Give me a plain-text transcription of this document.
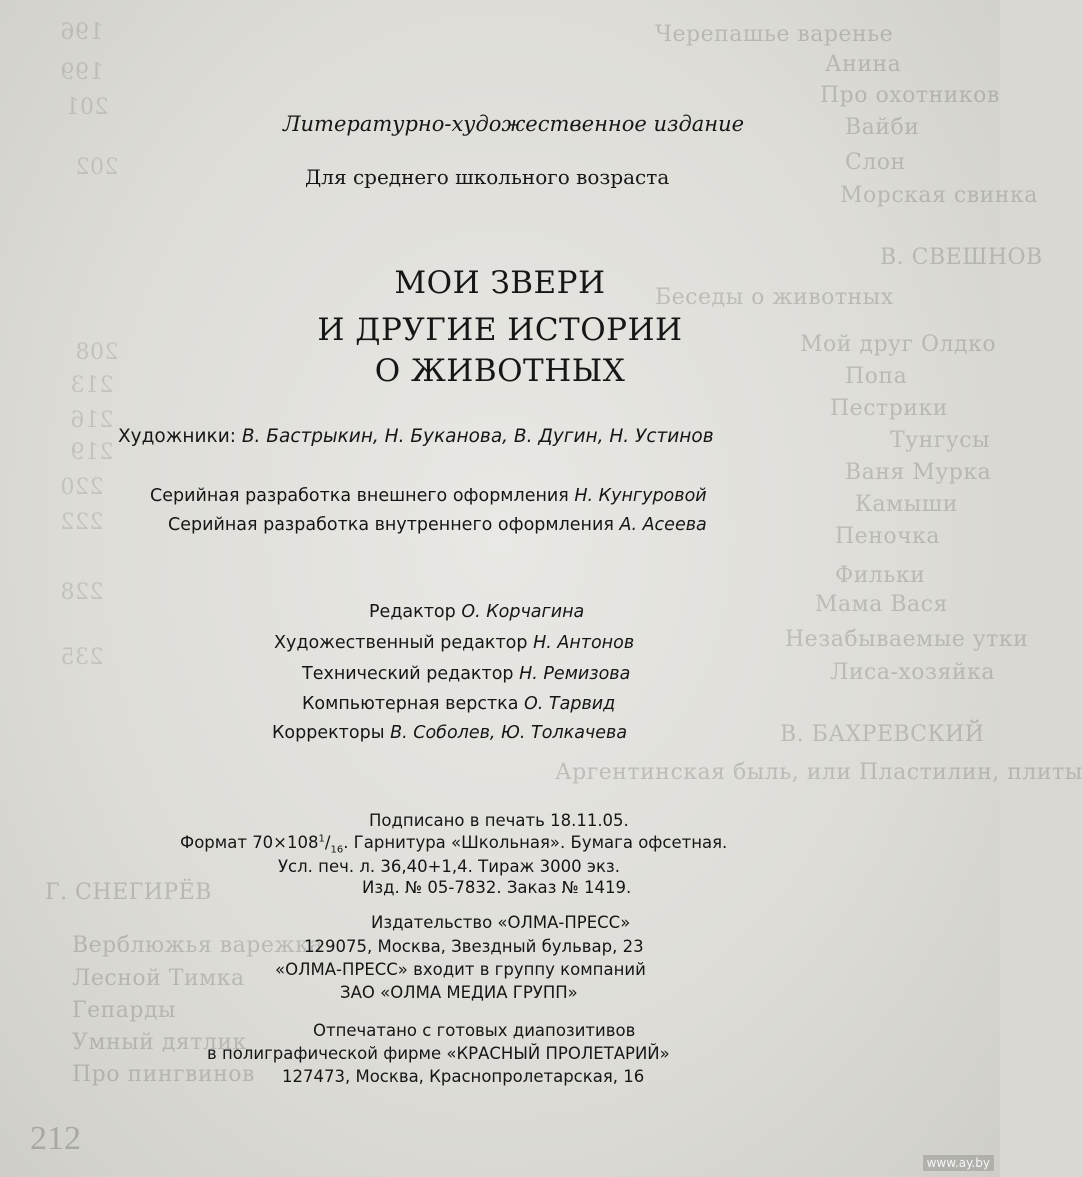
Черепашье варенье
Анина
Про охотников
Вайби
Слон
Морская свинка
В. СВЕШНОВ
Беседы о животных
Мой друг Олдко
Попа
Пестрики
Тунгусы
Ваня Мурка
Камыши
Пеночка
Фильки
Мама Вася
Незабываемые утки
Лиса-хозяйка
В. БАХРЕВСКИЙ
Аргентинская быль, или Пластилин, плиты
196
199
201
202
208
213
216
219
220
222
228
235
Г. СНЕГИРЁВ
Верблюжья варежка
Лесной Тимка
Гепарды
Умный дятлик
Про пингвинов
212
Литературно-художественное издание
Для среднего школьного возраста
МОИ ЗВЕРИ
И ДРУГИЕ ИСТОРИИ
О ЖИВОТНЫХ
Художники: В. Бастрыкин, Н. Буканова, В. Дугин, Н. Устинов
Серийная разработка внешнего оформления Н. Кунгуровой
Серийная разработка внутреннего оформления А. Асеева
Редактор О. Корчагина
Художественный редактор Н. Антонов
Технический редактор Н. Ремизова
Компьютерная верстка О. Тарвид
Корректоры В. Соболев, Ю. Толкачева
Подписано в печать 18.11.05.
Формат $70\times 108^1/_{16}$. Гарнитура «Школьная». Бумага офсетная.
Усл. печ. л. 36,40+1,4. Тираж 3000 экз.
Изд. № 05-7832. Заказ № 1419.
Издательство «ОЛМА-ПРЕСС»
129075, Москва, Звездный бульвар, 23
«ОЛМА-ПРЕСС» входит в группу компаний
ЗАО «ОЛМА МЕДИА ГРУПП»
Отпечатано с готовых диапозитивов
в полиграфической фирме «КРАСНЫЙ ПРОЛЕТАРИЙ»
127473, Москва, Краснопролетарская, 16
www.ay.by
